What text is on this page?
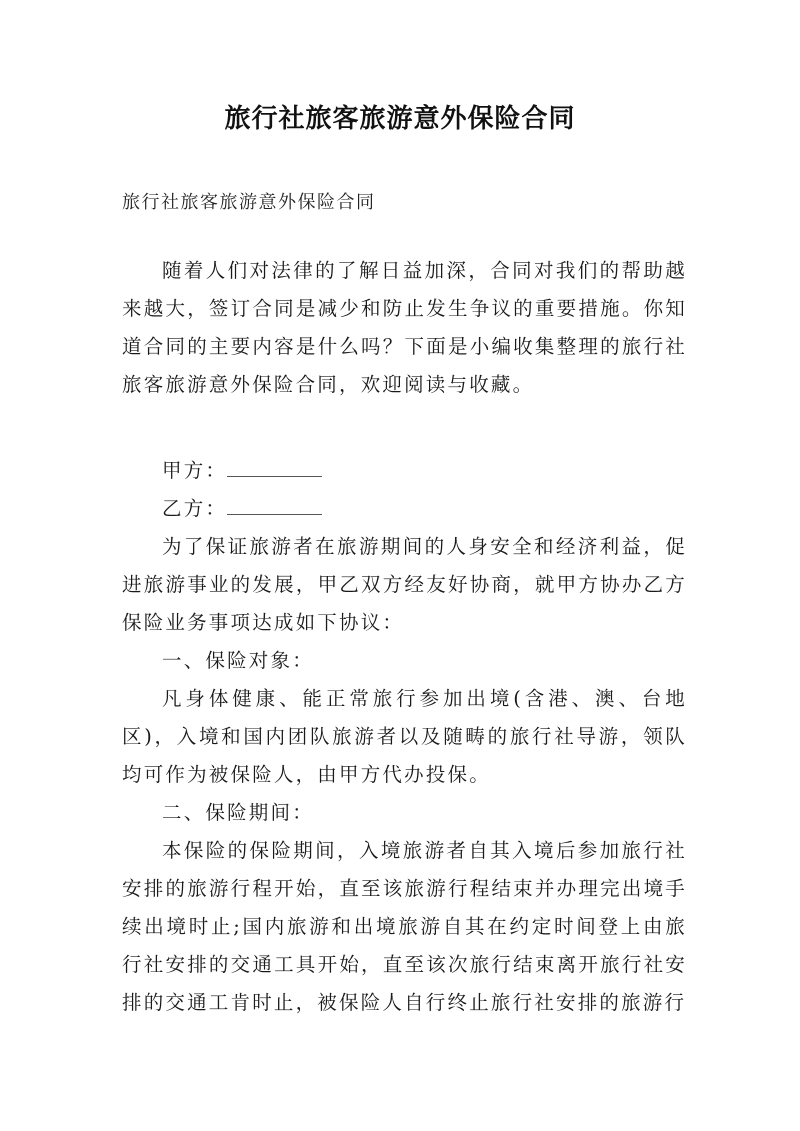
旅行社旅客旅游意外保险合同

旅行社旅客旅游意外保险合同

随着人们对法律的了解日益加深，合同对我们的帮助越来越大，签订合同是减少和防止发生争议的重要措施。你知道合同的主要内容是什么吗？下面是小编收集整理的旅行社旅客旅游意外保险合同，欢迎阅读与收藏。

甲方：

乙方：

为了保证旅游者在旅游期间的人身安全和经济利益，促进旅游事业的发展，甲乙双方经友好协商，就甲方协办乙方保险业务事项达成如下协议：

一、保险对象：

凡身体健康、能正常旅行参加出境(含港、澳、台地区)，入境和国内团队旅游者以及随畴的旅行社导游，领队均可作为被保险人，由甲方代办投保。

二、保险期间：

本保险的保险期间，入境旅游者自其入境后参加旅行社安排的旅游行程开始，直至该旅游行程结束并办理完出境手续出境时止;国内旅游和出境旅游自其在约定时间登上由旅行社安排的交通工具开始，直至该次旅行结束离开旅行社安排的交通工肯时止，被保险人自行终止旅行社安排的旅游行
